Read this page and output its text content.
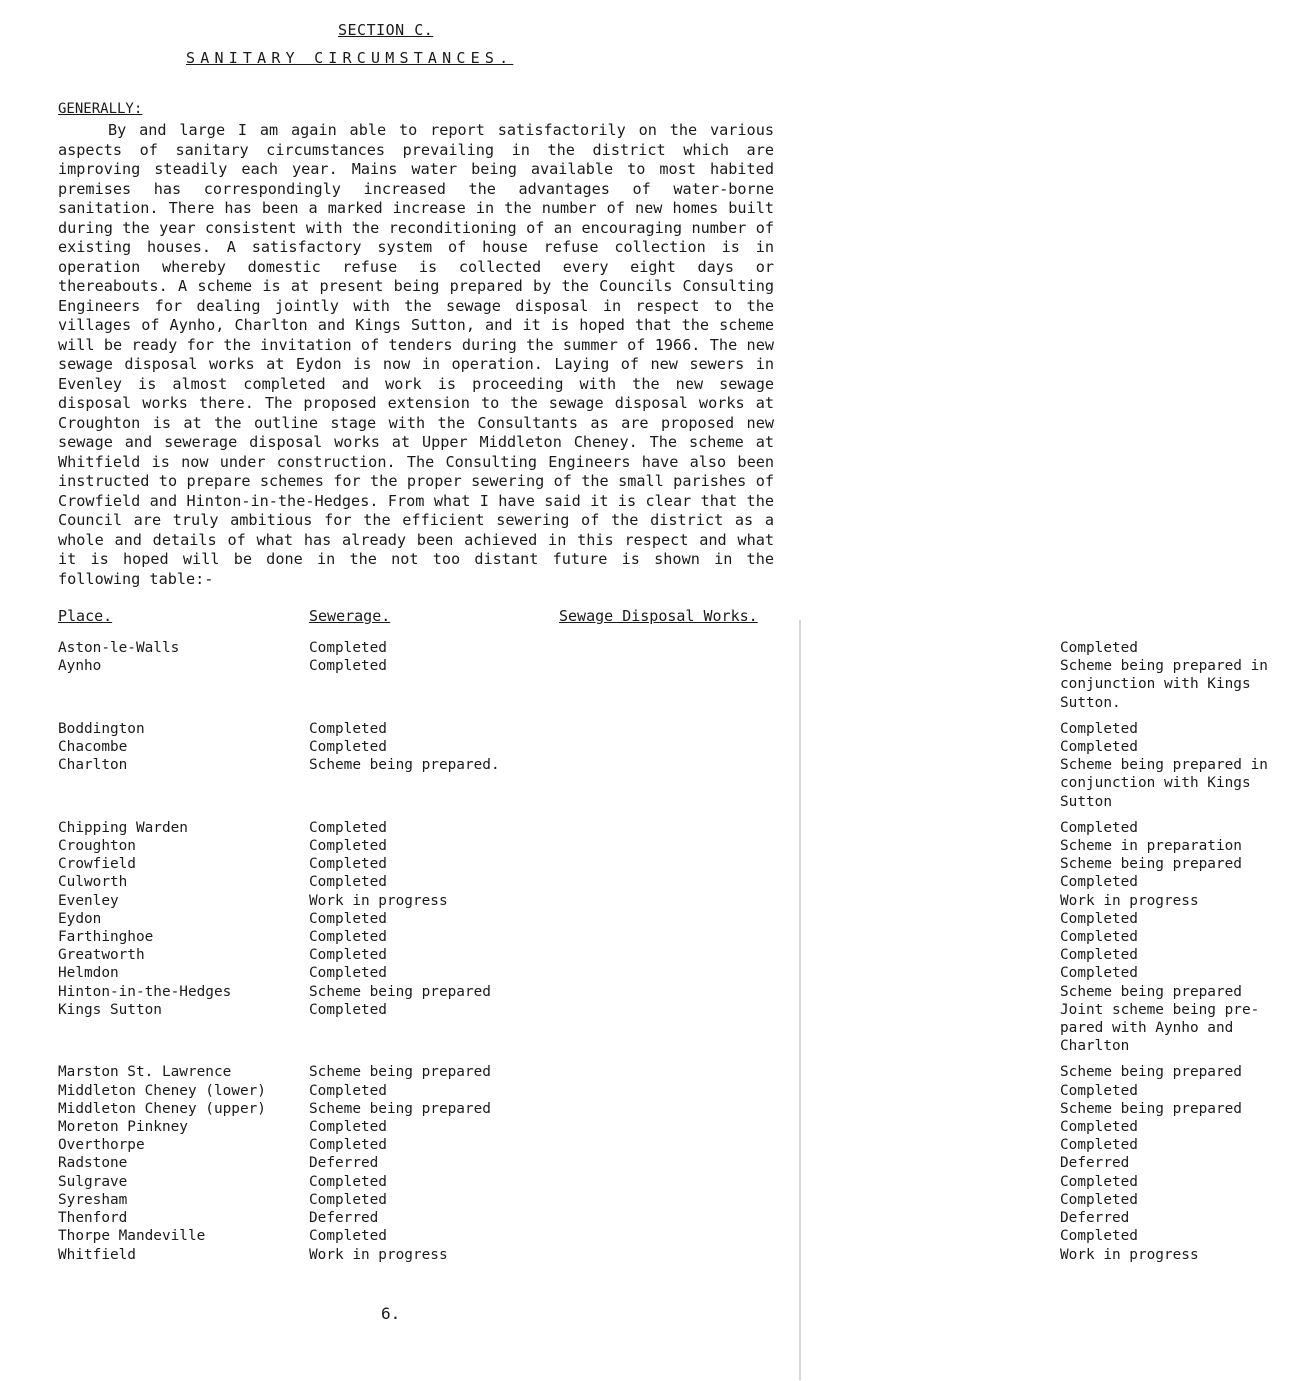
SECTION C.
SANITARY CIRCUMSTANCES.
GENERALLY:

By and large I am again able to report satisfactorily on the various aspects of sanitary circumstances prevailing in the district which are improving steadily each year. Mains water being available to most habited premises has correspondingly increased the advantages of water-borne sanitation. There has been a marked increase in the number of new homes built during the year consistent with the reconditioning of an encouraging number of existing houses. A satisfactory system of house refuse collection is in operation whereby domestic refuse is collected every eight days or thereabouts. A scheme is at present being prepared by the Councils Consulting Engineers for dealing jointly with the sewage disposal in respect to the villages of Aynho, Charlton and Kings Sutton, and it is hoped that the scheme will be ready for the invitation of tenders during the summer of 1966. The new sewage disposal works at Eydon is now in operation. Laying of new sewers in Evenley is almost completed and work is proceeding with the new sewage disposal works there. The proposed extension to the sewage disposal works at Croughton is at the outline stage with the Consultants as are proposed new sewage and sewerage disposal works at Upper Middleton Cheney. The scheme at Whitfield is now under construction. The Consulting Engineers have also been instructed to prepare schemes for the proper sewering of the small parishes of Crowfield and Hinton-in-the-Hedges. From what I have said it is clear that the Council are truly ambitious for the efficient sewering of the district as a whole and details of what has already been achieved in this respect and what it is hoped will be done in the not too distant future is shown in the following table:-

Place.	Sewerage.	Sewage Disposal Works.
Aston-le-Walls	Completed	Completed
Aynho	Completed	Scheme being prepared in conjunction with Kings Sutton.
Boddington	Completed	Completed
Chacombe	Completed	Completed
Charlton	Scheme being prepared.	Scheme being prepared in conjunction with Kings Sutton
Chipping Warden	Completed	Completed
Croughton	Completed	Scheme in preparation
Crowfield	Completed	Scheme being prepared
Culworth	Completed	Completed
Evenley	Work in progress	Work in progress
Eydon	Completed	Completed
Farthinghoe	Completed	Completed
Greatworth	Completed	Completed
Helmdon	Completed	Completed
Hinton-in-the-Hedges	Scheme being prepared	Scheme being prepared
Kings Sutton	Completed	Joint scheme being pre- pared with Aynho and Charlton
Marston St. Lawrence	Scheme being prepared	Scheme being prepared
Middleton Cheney (lower)	Completed	Completed
Middleton Cheney (upper)	Scheme being prepared	Scheme being prepared
Moreton Pinkney	Completed	Completed
Overthorpe	Completed	Completed
Radstone	Deferred	Deferred
Sulgrave	Completed	Completed
Syresham	Completed	Completed
Thenford	Deferred	Deferred
Thorpe Mandeville	Completed	Completed
Whitfield	Work in progress	Work in progress
6.
